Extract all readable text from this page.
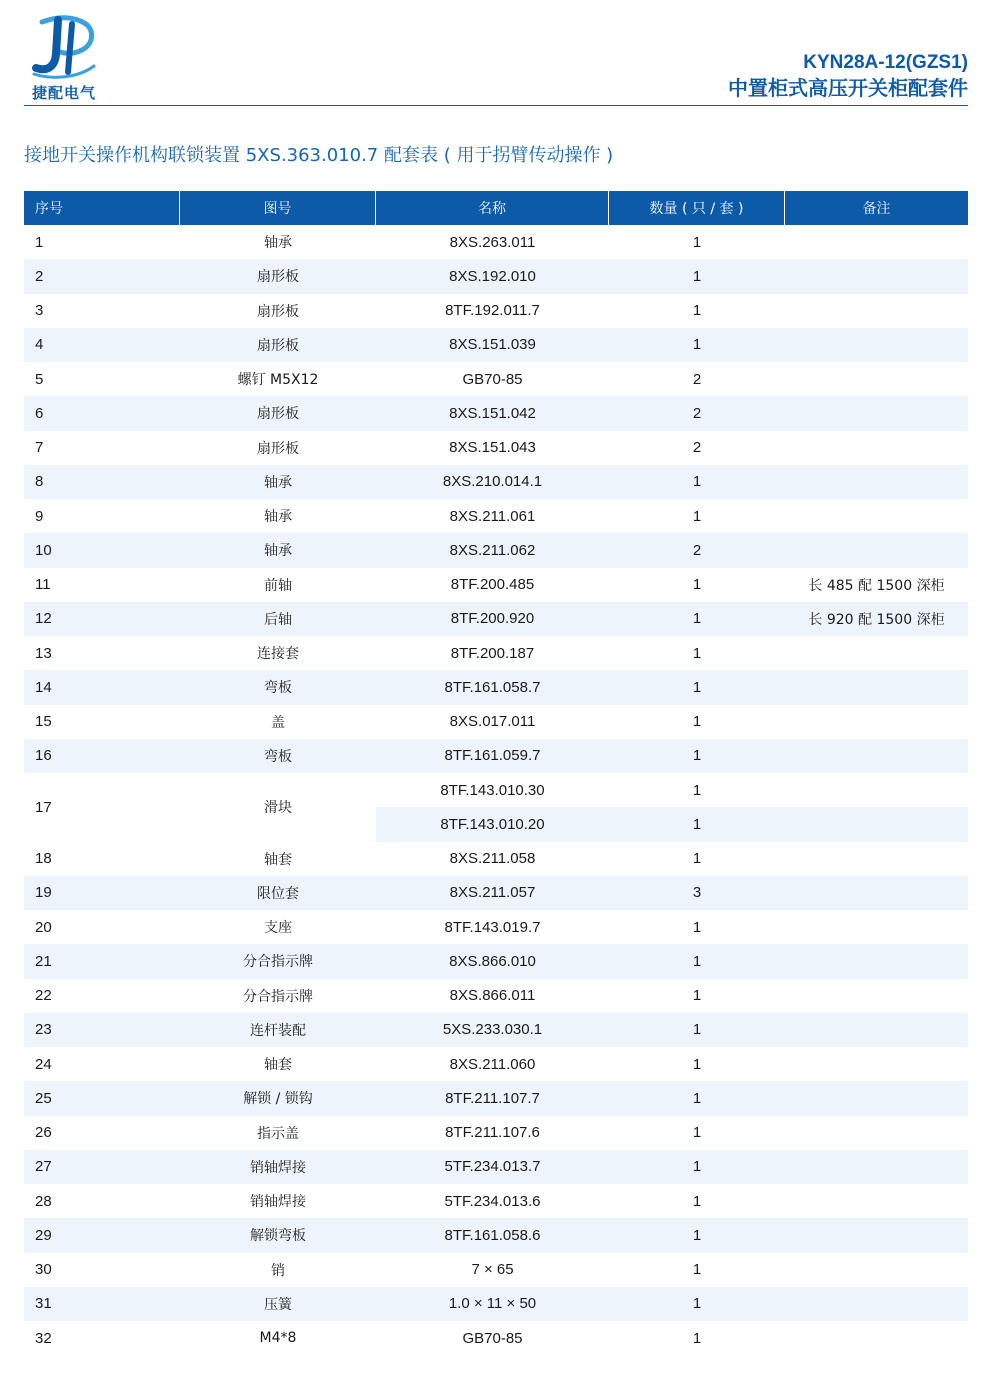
捷配电气
KYN28A-12(GZS1)
中置柜式高压开关柜配套件
接地开关操作机构联锁装置 5XS.363.010.7 配套表 ( 用于拐臂传动操作 )
序号	图号	名称	数量 ( 只 / 套 )	备注
1	轴承	8XS.263.011	1	
2	扇形板	8XS.192.010	1	
3	扇形板	8TF.192.011.7	1	
4	扇形板	8XS.151.039	1	
5	螺钉 M5X12	GB70-85	2	
6	扇形板	8XS.151.042	2	
7	扇形板	8XS.151.043	2	
8	轴承	8XS.210.014.1	1	
9	轴承	8XS.211.061	1	
10	轴承	8XS.211.062	2	
11	前轴	8TF.200.485	1	长 485 配 1500 深柜
12	后轴	8TF.200.920	1	长 920 配 1500 深柜
13	连接套	8TF.200.187	1	
14	弯板	8TF.161.058.7	1	
15	盖	8XS.017.011	1	
16	弯板	8TF.161.059.7	1	
17	滑块	8TF.143.010.30	1	
		8TF.143.010.20	1	
18	轴套	8XS.211.058	1	
19	限位套	8XS.211.057	3	
20	支座	8TF.143.019.7	1	
21	分合指示牌	8XS.866.010	1	
22	分合指示牌	8XS.866.011	1	
23	连杆装配	5XS.233.030.1	1	
24	轴套	8XS.211.060	1	
25	解锁 / 锁钩	8TF.211.107.7	1	
26	指示盖	8TF.211.107.6	1	
27	销轴焊接	5TF.234.013.7	1	
28	销轴焊接	5TF.234.013.6	1	
29	解锁弯板	8TF.161.058.6	1	
30	销	7 × 65	1	
31	压簧	1.0 × 11 × 50	1	
32	M4*8	GB70-85	1	
